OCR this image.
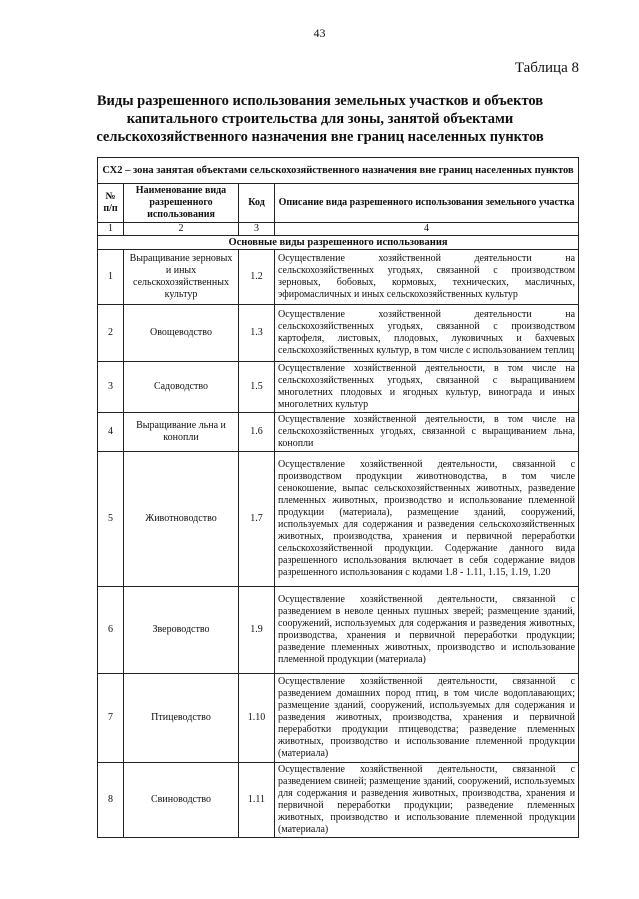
43
Таблица 8
Виды разрешенного использования земельных участков и объектов капитального строительства для зоны, занятой объектами сельскохозяйственного назначения вне границ населенных пунктов
СХ2 – зона занятая объектами сельскохозяйственного назначения вне границ населенных пунктов			
№ п/п	Наименование вида разрешенного использования	Код	Описание вида разрешенного использования земельного участка
1	2	3	4
Основные виды разрешенного использования			
1	Выращивание зерновых и иных сельскохозяйственных культур	1.2	Осуществление хозяйственной деятельности на сельскохозяйственных угодьях, связанной с производством зерновых, бобовых, кормовых, технических, масличных, эфиромасличных и иных сельскохозяйственных культур
2	Овощеводство	1.3	Осуществление хозяйственной деятельности на сельскохозяйственных угодьях, связанной с производством картофеля, листовых, плодовых, луковичных и бахчевых сельскохозяйственных культур, в том числе с использованием теплиц
3	Садоводство	1.5	Осуществление хозяйственной деятельности, в том числе на сельскохозяйственных угодьях, связанной с выращиванием многолетних плодовых и ягодных культур, винограда и иных многолетних культур
4	Выращивание льна и конопли	1.6	Осуществление хозяйственной деятельности, в том числе на сельскохозяйственных угодьях, связанной с выращиванием льна, конопли
5	Животноводство	1.7	Осуществление хозяйственной деятельности, связанной с производством продукции животноводства, в том числе сенокошение, выпас сельскохозяйственных животных, разведение племенных животных, производство и использование племенной продукции (материала), размещение зданий, сооружений, используемых для содержания и разведения сельскохозяйственных животных, производства, хранения и первичной переработки сельскохозяйственной продукции. Содержание данного вида разрешенного использования включает в себя содержание видов разрешенного использования с кодами 1.8 - 1.11, 1.15, 1.19, 1.20
6	Звероводство	1.9	Осуществление хозяйственной деятельности, связанной с разведением в неволе ценных пушных зверей; размещение зданий, сооружений, используемых для содержания и разведения животных, производства, хранения и первичной переработки продукции; разведение племенных животных, производство и использование племенной продукции (материала)
7	Птицеводство	1.10	Осуществление хозяйственной деятельности, связанной с разведением домашних пород птиц, в том числе водоплавающих; размещение зданий, сооружений, используемых для содержания и разведения животных, производства, хранения и первичной переработки продукции птицеводства; разведение племенных животных, производство и использование племенной продукции (материала)
8	Свиноводство	1.11	Осуществление хозяйственной деятельности, связанной с разведением свиней; размещение зданий, сооружений, используемых для содержания и разведения животных, производства, хранения и первичной переработки продукции; разведение племенных животных, производство и использование племенной продукции (материала)
